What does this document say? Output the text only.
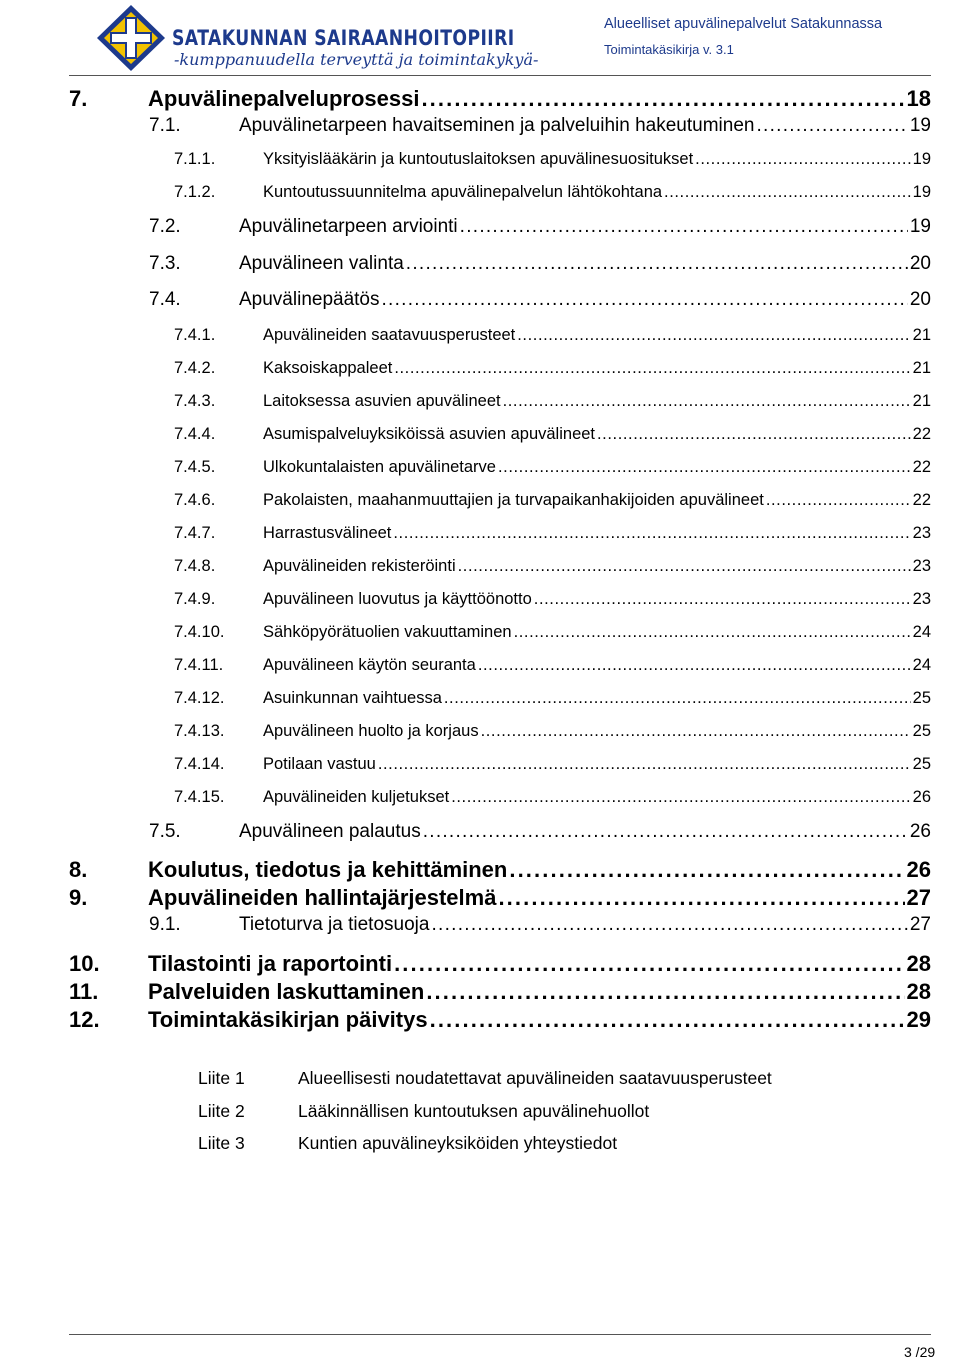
SATAKUNNAN SAIRAANHOITOPIIRI
-kumppanuudella terveyttä ja toimintakykyä-
Alueelliset apuvälinepalvelut Satakunnassa
Toimintakäsikirja v. 3.1
7.	Apuvälinepalveluprosessi . . .	18
7.1.	Apuvälinetarpeen havaitseminen ja palveluihin hakeutuminen . . .	19
7.1.1.	Yksityislääkärin ja kuntoutuslaitoksen apuvälinesuositukset . . .	19
7.1.2.	Kuntoutussuunnitelma apuvälinepalvelun lähtökohtana . . .	19
7.2.	Apuvälinetarpeen arviointi . . .	19
7.3.	Apuvälineen valinta . . .	20
7.4.	Apuvälinepäätös . . .	20
7.4.1.	Apuvälineiden saatavuusperusteet . . .	21
7.4.2.	Kaksoiskappaleet . . .	21
7.4.3.	Laitoksessa asuvien apuvälineet . . .	21
7.4.4.	Asumispalveluyksiköissä asuvien apuvälineet . . .	22
7.4.5.	Ulkokuntalaisten apuvälinetarve . . .	22
7.4.6.	Pakolaisten, maahanmuuttajien ja turvapaikanhakijoiden apuvälineet . . .	22
7.4.7.	Harrastusvälineet . . .	23
7.4.8.	Apuvälineiden rekisteröinti . . .	23
7.4.9.	Apuvälineen luovutus ja käyttöönotto . . .	23
7.4.10.	Sähköpyörätuolien vakuuttaminen . . .	24
7.4.11.	Apuvälineen käytön seuranta . . .	24
7.4.12.	Asuinkunnan vaihtuessa . . .	25
7.4.13.	Apuvälineen huolto ja korjaus . . .	25
7.4.14.	Potilaan vastuu . . .	25
7.4.15.	Apuvälineiden kuljetukset . . .	26
7.5.	Apuvälineen palautus . . .	26
8.	Koulutus, tiedotus ja kehittäminen . . .	26
9.	Apuvälineiden hallintajärjestelmä . . .	27
9.1.	Tietoturva ja tietosuoja . . .	27
10.	Tilastointi ja raportointi . . .	28
11.	Palveluiden laskuttaminen . . .	28
12.	Toimintakäsikirjan päivitys . . .	29
Liite 1	Alueellisesti noudatettavat apuvälineiden saatavuusperusteet
Liite 2	Lääkinnällisen kuntoutuksen apuvälinehuollot
Liite 3	Kuntien apuvälineyksiköiden yhteystiedot
3 /29
